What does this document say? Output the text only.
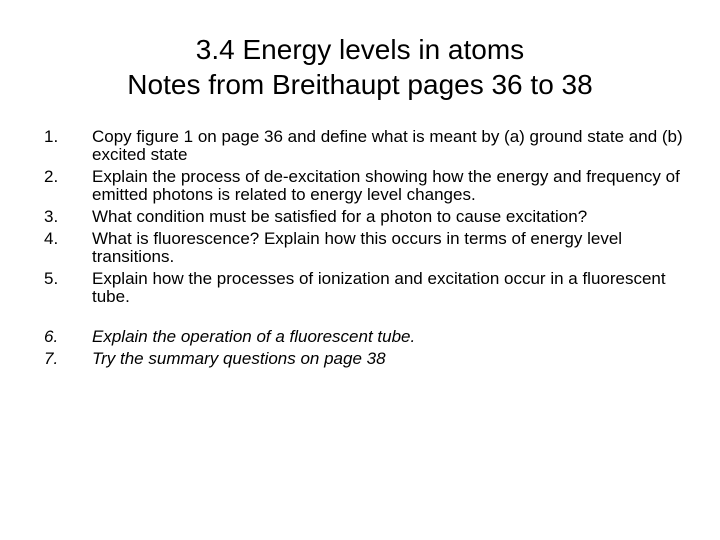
3.4 Energy levels in atoms
Notes from Breithaupt pages 36 to 38
1.	Copy figure 1 on page 36 and define what is meant by (a) ground state and (b) excited state
2.	Explain the process of de-excitation showing how the energy and frequency of emitted photons is related to energy level changes.
3.	What condition must be satisfied for a photon to cause excitation?
4.	What is fluorescence? Explain how this occurs in terms of energy level transitions.
5.	Explain how the processes of ionization and excitation occur in a fluorescent tube.
6.	Explain the operation of a fluorescent tube.
7.	Try the summary questions on page 38
